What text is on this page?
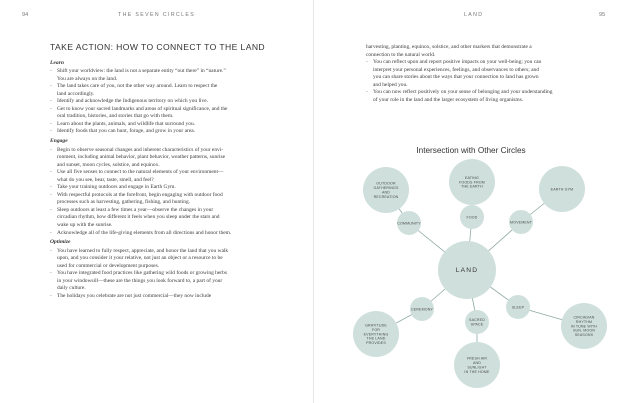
94	THE SEVEN CIRCLES
TAKE ACTION: HOW TO CONNECT TO THE LAND
Learn
- Shift your worldview: the land is not a separate entity “out there” in “nature.”
You are always on the land.
- The land takes care of you, not the other way around. Learn to respect the
land accordingly.
- Identify and acknowledge the Indigenous territory on which you live.
- Get to know your sacred landmarks and areas of spiritual significance, and the
oral tradition, histories, and stories that go with them.
- Learn about the plants, animals, and wildlife that surround you.
- Identify foods that you can hunt, forage, and grow in your area.
Engage
- Begin to observe seasonal changes and inherent characteristics of your envi-
ronment, including animal behavior, plant behavior, weather patterns, sunrise
and sunset, moon cycles, solstice, and equinox.
- Use all five senses to connect to the natural elements of your environment—
what do you see, hear, taste, smell, and feel?
- Take your training outdoors and engage in Earth Gym.
- With respectful protocols at the forefront, begin engaging with outdoor food
processes such as harvesting, gathering, fishing, and hunting.
- Sleep outdoors at least a few times a year—observe the changes in your
circadian rhythm, how different it feels when you sleep under the stars and
wake up with the sunrise.
- Acknowledge all of the life-giving elements from all directions and honor them.
Optimize
- You have learned to fully respect, appreciate, and honor the land that you walk
upon, and you consider it your relative, not just an object or a resource to be
used for commercial or development purposes.
- You have integrated food practices like gathering wild foods or growing herbs
in your windowsill—these are the things you look forward to, a part of your
daily culture.
- The holidays you celebrate are not just commercial—they now include
LAND	95
harvesting, planting, equinox, solstice, and other markers that demonstrate a
connection to the natural world.
- You can reflect upon and report positive impacts on your well-being; you can
interpret your personal experiences, feelings, and observances to others; and
you can share stories about the ways that your connection to land has grown
and helped you.
- You can now reflect positively on your sense of belonging and your understanding
of your role in the land and the larger ecosystem of living organisms.
Intersection with Other Circles
OUTDOOR GATHERINGS AND RECREATION
COMMUNITY
EATING FOODS FROM THE EARTH
FOOD
EARTH GYM
MOVEMENT
CIRCADIAN RHYTHM IN TUNE WITH SUN, MOON SEASONS
SLEEP
FRESH AIR AND SUNLIGHT IN THE HOME
SACRED SPACE
GRATITUDE FOR EVERYTHING THE LAND PROVIDES
CEREMONY
LAND
